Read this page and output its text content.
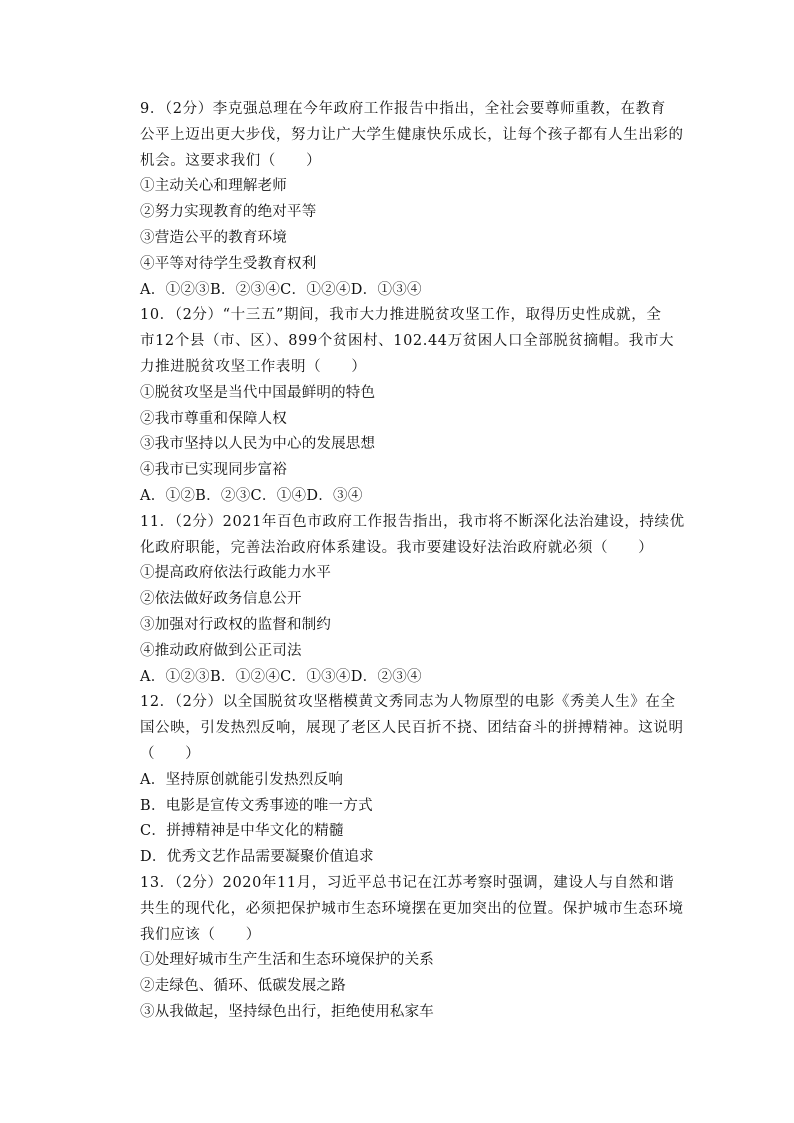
9．（2分）李克强总理在今年政府工作报告中指出，全社会要尊师重教，在教育
公平上迈出更大步伐，努力让广大学生健康快乐成长，让每个孩子都有人生出彩的
机会。这要求我们（　　）
①主动关心和理解老师
②努力实现教育的绝对平等
③营造公平的教育环境
④平等对待学生受教育权利
A．①②③B．②③④C．①②④D．①③④
10．（2分）“十三五”期间，我市大力推进脱贫攻坚工作，取得历史性成就，全
市12个县（市、区）、899个贫困村、102.44万贫困人口全部脱贫摘帽。我市大
力推进脱贫攻坚工作表明（　　）
①脱贫攻坚是当代中国最鲜明的特色
②我市尊重和保障人权
③我市坚持以人民为中心的发展思想
④我市已实现同步富裕
A．①②B．②③C．①④D．③④
11．（2分）2021年百色市政府工作报告指出，我市将不断深化法治建设，持续优
化政府职能，完善法治政府体系建设。我市要建设好法治政府就必须（　　）
①提高政府依法行政能力水平
②依法做好政务信息公开
③加强对行政权的监督和制约
④推动政府做到公正司法
A．①②③B．①②④C．①③④D．②③④
12．（2分）以全国脱贫攻坚楷模黄文秀同志为人物原型的电影《秀美人生》在全
国公映，引发热烈反响，展现了老区人民百折不挠、团结奋斗的拼搏精神。这说明
（　　）
A．坚持原创就能引发热烈反响
B．电影是宣传文秀事迹的唯一方式
C．拼搏精神是中华文化的精髓
D．优秀文艺作品需要凝聚价值追求
13．（2分）2020年11月，习近平总书记在江苏考察时强调，建设人与自然和谐
共生的现代化，必须把保护城市生态环境摆在更加突出的位置。保护城市生态环境
我们应该（　　）
①处理好城市生产生活和生态环境保护的关系
②走绿色、循环、低碳发展之路
③从我做起，坚持绿色出行，拒绝使用私家车
